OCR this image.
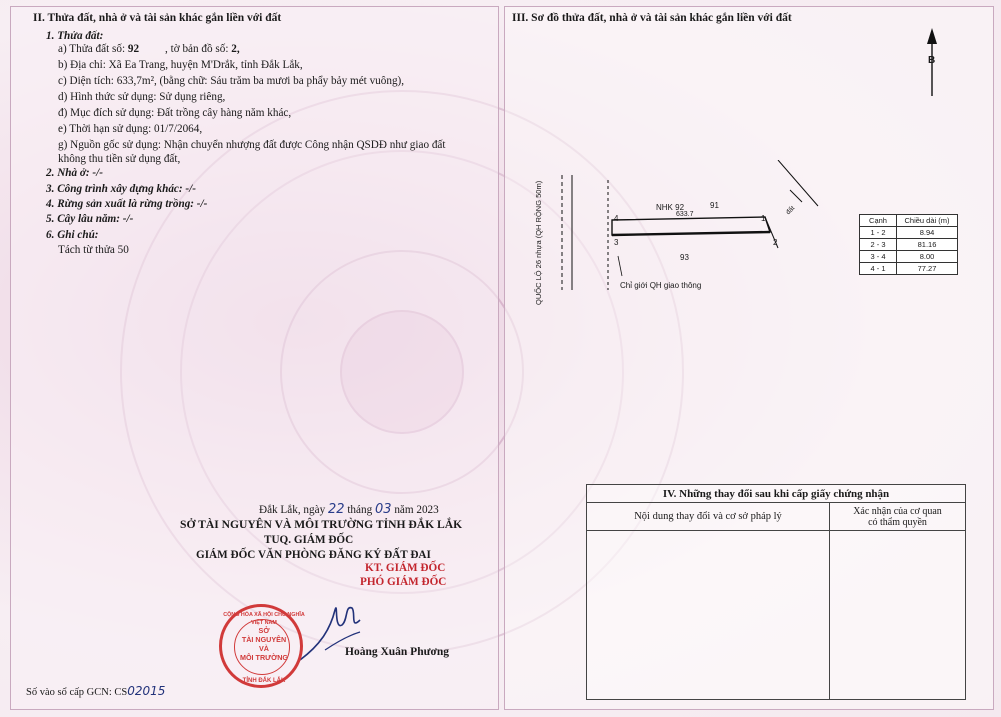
II. Thửa đất, nhà ở và tài sản khác gắn liền với đất
1. Thửa đất:
a) Thửa đất số: 92 , tờ bản đồ số: 2,
b) Địa chỉ: Xã Ea Trang, huyện M'Drắk, tỉnh Đắk Lắk,
c) Diện tích: 633,7m², (bằng chữ: Sáu trăm ba mươi ba phẩy bảy mét vuông),
d) Hình thức sử dụng: Sử dụng riêng,
đ) Mục đích sử dụng: Đất trồng cây hàng năm khác,
e) Thời hạn sử dụng: 01/7/2064,
g) Nguồn gốc sử dụng: Nhận chuyển nhượng đất được Công nhận QSDĐ như giao đất
không thu tiền sử dụng đất,
2. Nhà ở: -/-
3. Công trình xây dựng khác: -/-
4. Rừng sản xuất là rừng trồng: -/-
5. Cây lâu năm: -/-
6. Ghi chú:
Tách từ thửa 50
Đắk Lắk, ngày 22 tháng 03 năm 2023
SỞ TÀI NGUYÊN VÀ MÔI TRƯỜNG TỈNH ĐẮK LẮK
TUQ. GIÁM ĐỐC
GIÁM ĐỐC VĂN PHÒNG ĐĂNG KÝ ĐẤT ĐAI
KT. GIÁM ĐỐC
PHÓ GIÁM ĐỐC
CỘNG HÒA XÃ HỘI CHỦ NGHĨA VIỆT NAM
SỞ
TÀI NGUYÊN
VÀ
MÔI TRƯỜNG
TỈNH ĐẮK LẮK
Hoàng Xuân Phương
Số vào sổ cấp GCN: CS02015
III. Sơ đồ thửa đất, nhà ở và tài sản khác gắn liền với đất
B
QUỐC LỘ 26 nhựa (QH RỘNG 50m)	NHK 92
633.7
91
93
1
2
3
4
đất
Chỉ giới QH giao thông
Cạnh	Chiều dài (m)
1 - 2	8.94
2 - 3	81.16
3 - 4	8.00
4 - 1	77.27
IV. Những thay đổi sau khi cấp giấy chứng nhận	
Nội dung thay đổi và cơ sở pháp lý	Xác nhận của cơ quan
có thẩm quyền
